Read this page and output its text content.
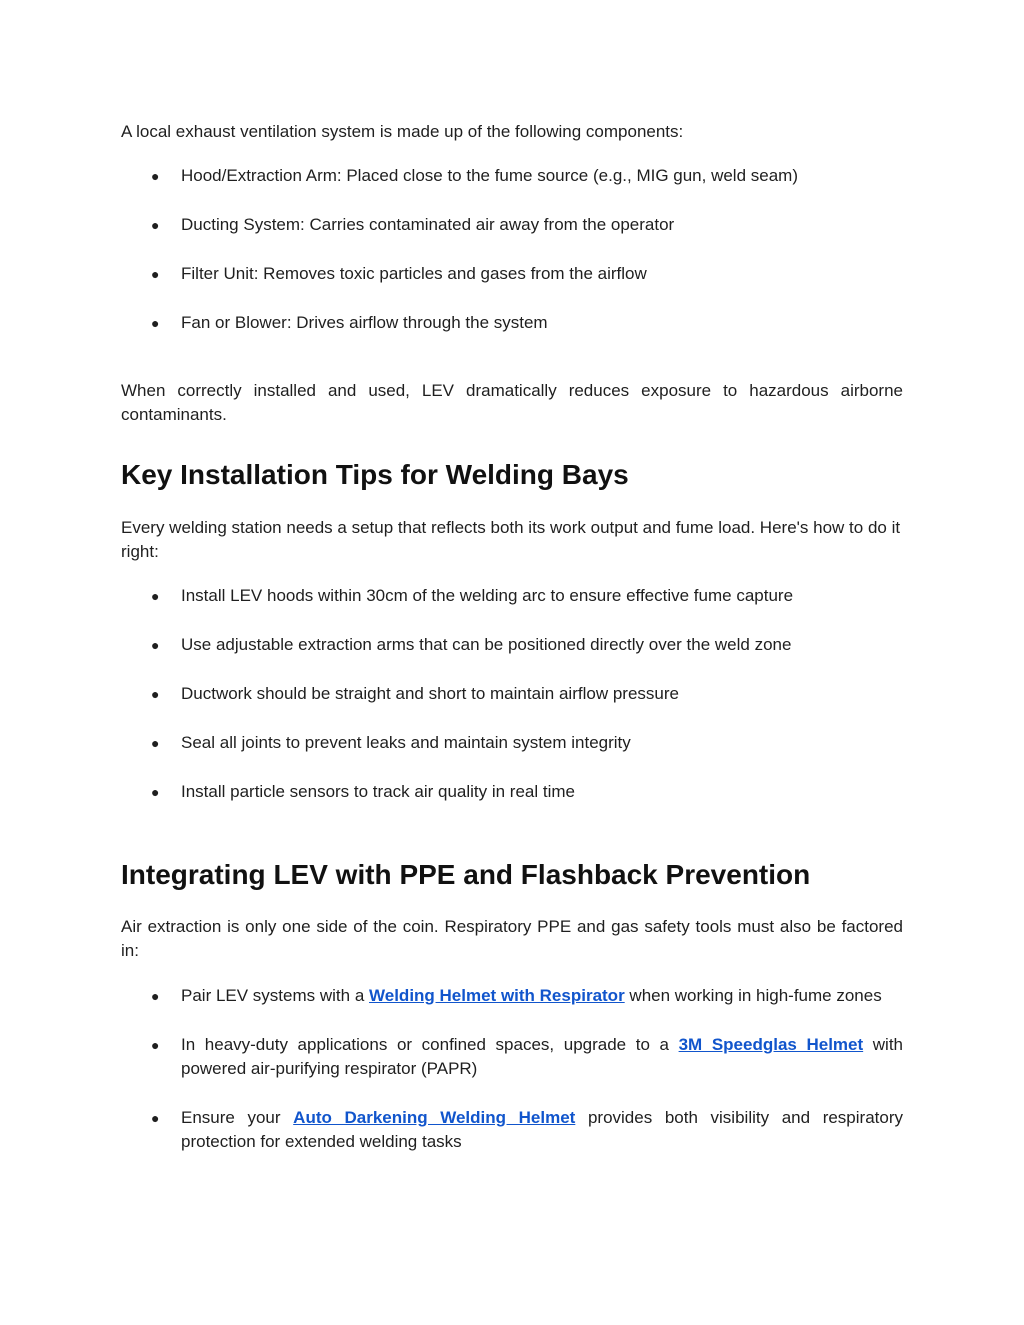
A local exhaust ventilation system is made up of the following components:

● Hood/Extraction Arm: Placed close to the fume source (e.g., MIG gun, weld seam)
● Ducting System: Carries contaminated air away from the operator
● Filter Unit: Removes toxic particles and gases from the airflow
● Fan or Blower: Drives airflow through the system

When correctly installed and used, LEV dramatically reduces exposure to hazardous airborne contaminants.

Key Installation Tips for Welding Bays

Every welding station needs a setup that reflects both its work output and fume load. Here's how to do it right:

● Install LEV hoods within 30cm of the welding arc to ensure effective fume capture
● Use adjustable extraction arms that can be positioned directly over the weld zone
● Ductwork should be straight and short to maintain airflow pressure
● Seal all joints to prevent leaks and maintain system integrity
● Install particle sensors to track air quality in real time
Integrating LEV with PPE and Flashback Prevention

Air extraction is only one side of the coin. Respiratory PPE and gas safety tools must also be factored in:

● Pair LEV systems with a Welding Helmet with Respirator when working in high-fume zones
● In heavy-duty applications or confined spaces, upgrade to a 3M Speedglas Helmet with powered air-purifying respirator (PAPR)
● Ensure your Auto Darkening Welding Helmet provides both visibility and respiratory protection for extended welding tasks
